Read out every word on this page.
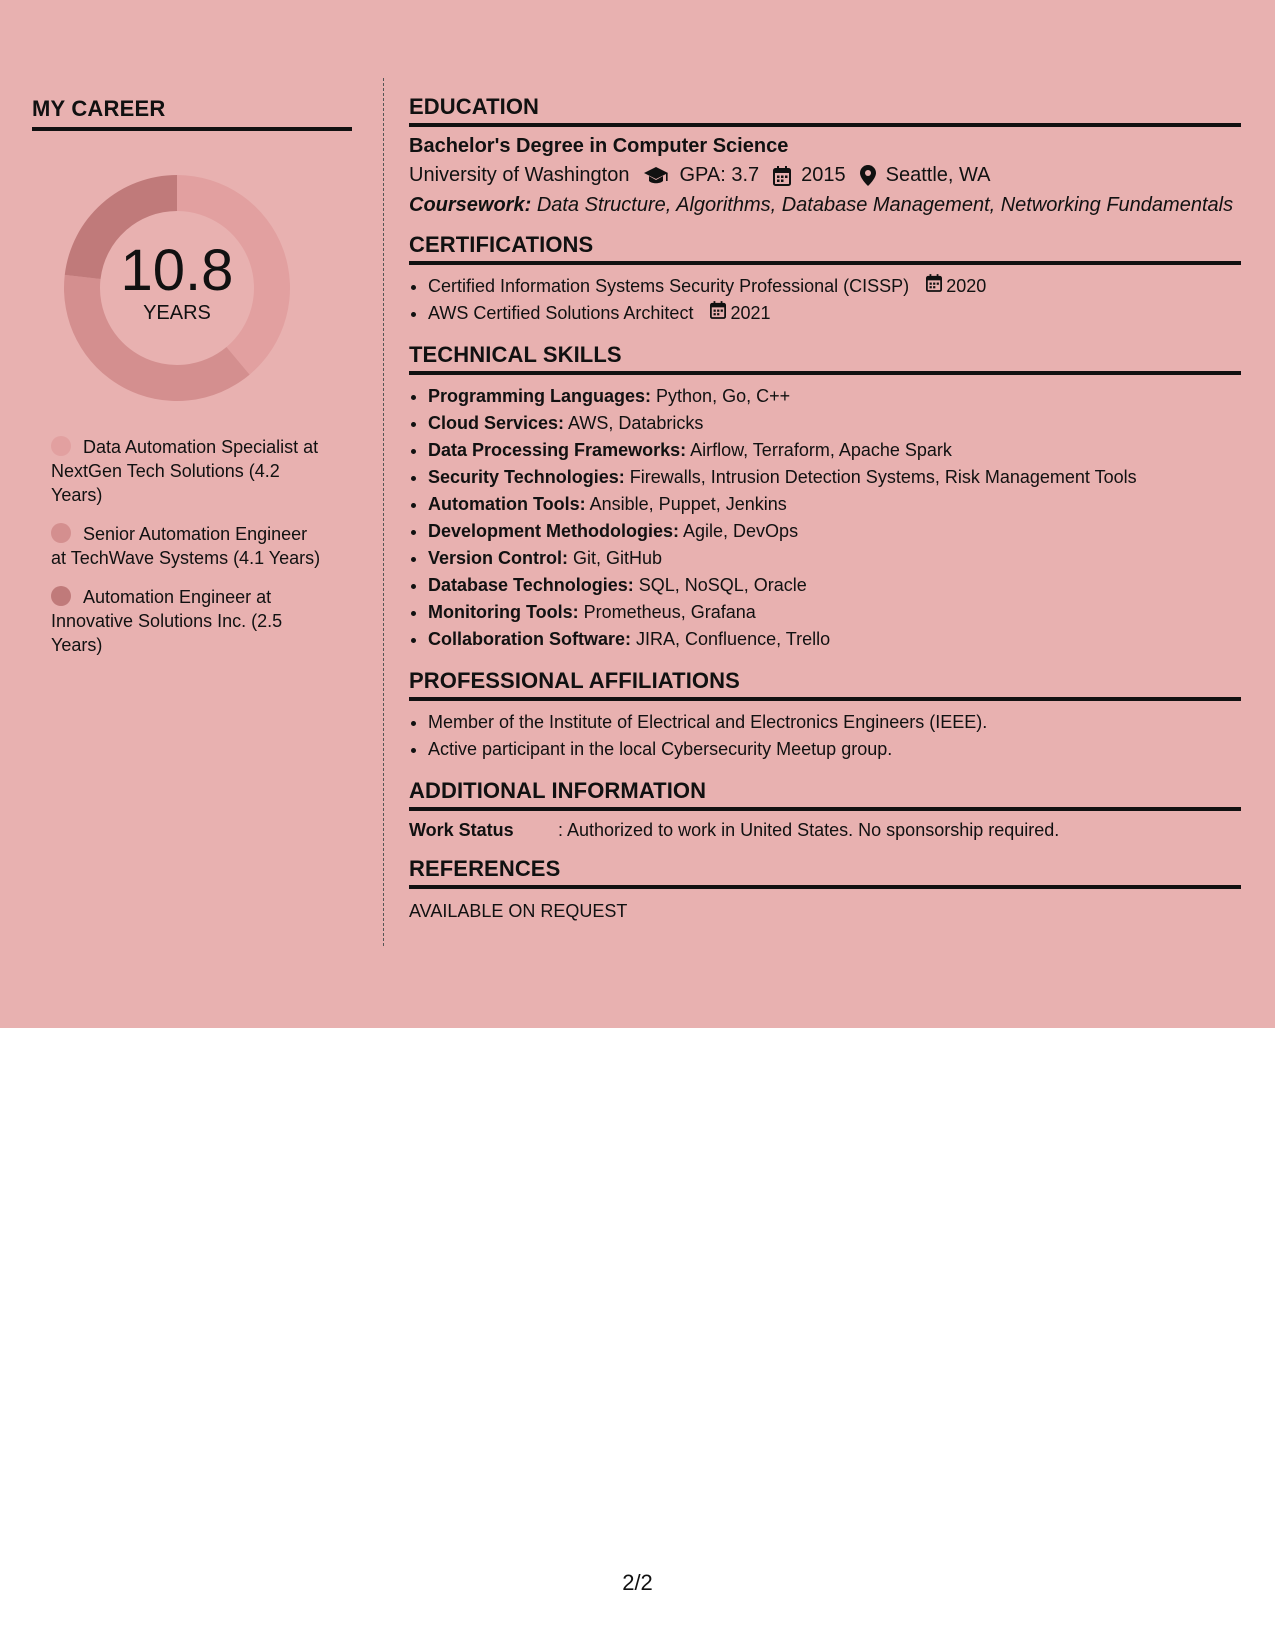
MY CAREER
10.8
YEARS
Data Automation Specialist at NextGen Tech Solutions (4.2 Years)
Senior Automation Engineer at TechWave Systems (4.1 Years)
Automation Engineer at Innovative Solutions Inc. (2.5 Years)
EDUCATION
Bachelor's Degree in Computer Science
University of Washington	GPA: 3.7 2015 Seattle, WA
Coursework: Data Structure, Algorithms, Database Management, Networking Fundamentals
CERTIFICATIONS
• Certified Information Systems Security Professional (CISSP) 2020
• AWS Certified Solutions Architect 2021
TECHNICAL SKILLS
• Programming Languages: Python, Go, C++
• Cloud Services: AWS, Databricks
• Data Processing Frameworks: Airflow, Terraform, Apache Spark
• Security Technologies: Firewalls, Intrusion Detection Systems, Risk Management Tools
• Automation Tools: Ansible, Puppet, Jenkins
• Development Methodologies: Agile, DevOps
• Version Control: Git, GitHub
• Database Technologies: SQL, NoSQL, Oracle
• Monitoring Tools: Prometheus, Grafana
• Collaboration Software: JIRA, Confluence, Trello
PROFESSIONAL AFFILIATIONS
• Member of the Institute of Electrical and Electronics Engineers (IEEE).
• Active participant in the local Cybersecurity Meetup group.
ADDITIONAL INFORMATION
Work Status : Authorized to work in United States. No sponsorship required.
REFERENCES
AVAILABLE ON REQUEST
2/2
